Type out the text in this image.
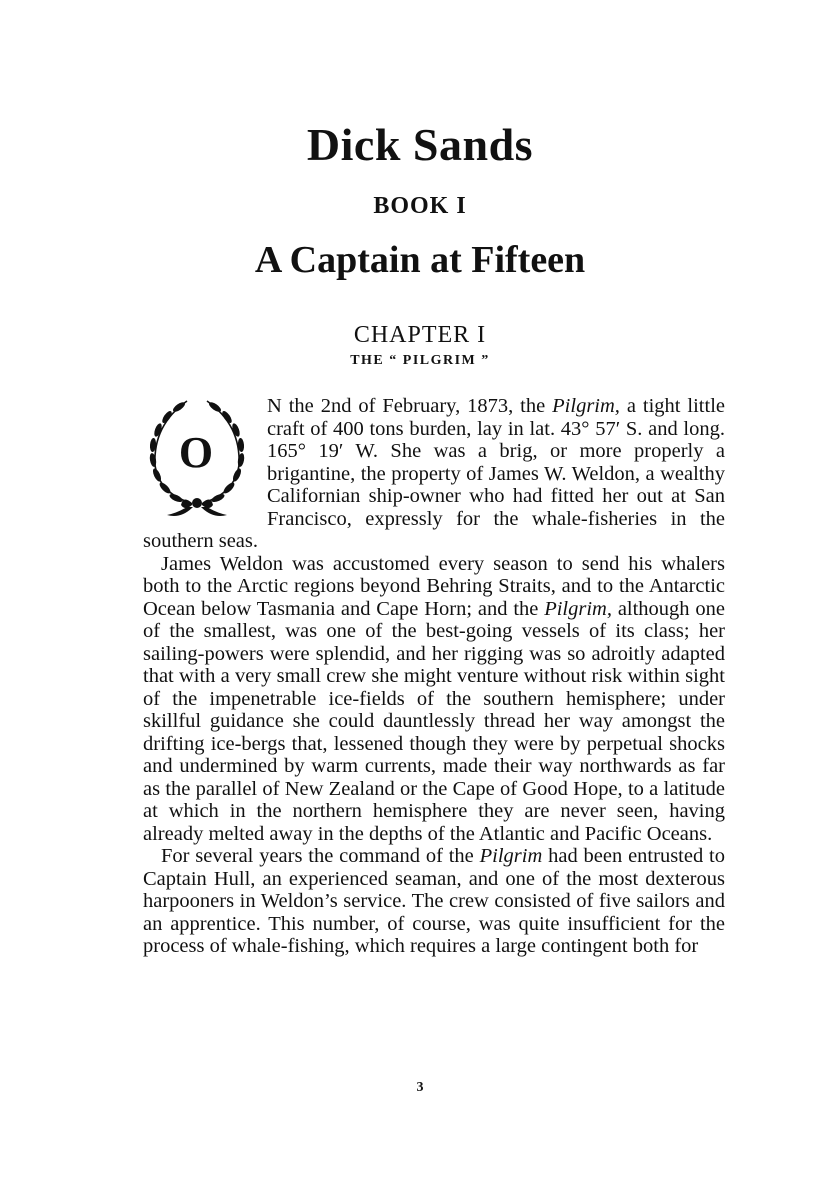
Dick Sands
BOOK I
A Captain at Fifteen
CHAPTER I
THE “ PILGRIM ”
O

N the 2nd of February, 1873, the Pilgrim, a tight little craft of 400 tons burden, lay in lat. 43° 57′ S. and long. 165° 19′ W. She was a brig, or more properly a brigantine, the property of James W. Weldon, a wealthy Californian ship-owner who had fitted her out at San Francisco, expressly for the whale-fisheries in the southern seas.

James Weldon was accustomed every season to send his whalers both to the Arctic regions beyond Behring Straits, and to the Antarctic Ocean below Tasmania and Cape Horn; and the Pilgrim, although one of the smallest, was one of the best-going vessels of its class; her sailing-powers were splendid, and her rigging was so adroitly adapted that with a very small crew she might venture without risk within sight of the impenetrable ice-fields of the southern hemisphere; under skillful guidance she could dauntlessly thread her way amongst the drifting ice-bergs that, lessened though they were by perpetual shocks and undermined by warm currents, made their way northwards as far as the parallel of New Zealand or the Cape of Good Hope, to a latitude at which in the northern hemisphere they are never seen, having already melted away in the depths of the Atlantic and Pacific Oceans.

For several years the command of the Pilgrim had been entrusted to Captain Hull, an experienced seaman, and one of the most dexterous harpooners in Weldon’s service. The crew consisted of five sailors and an apprentice. This number, of course, was quite insufficient for the process of whale-fishing, which requires a large contingent both for

3
